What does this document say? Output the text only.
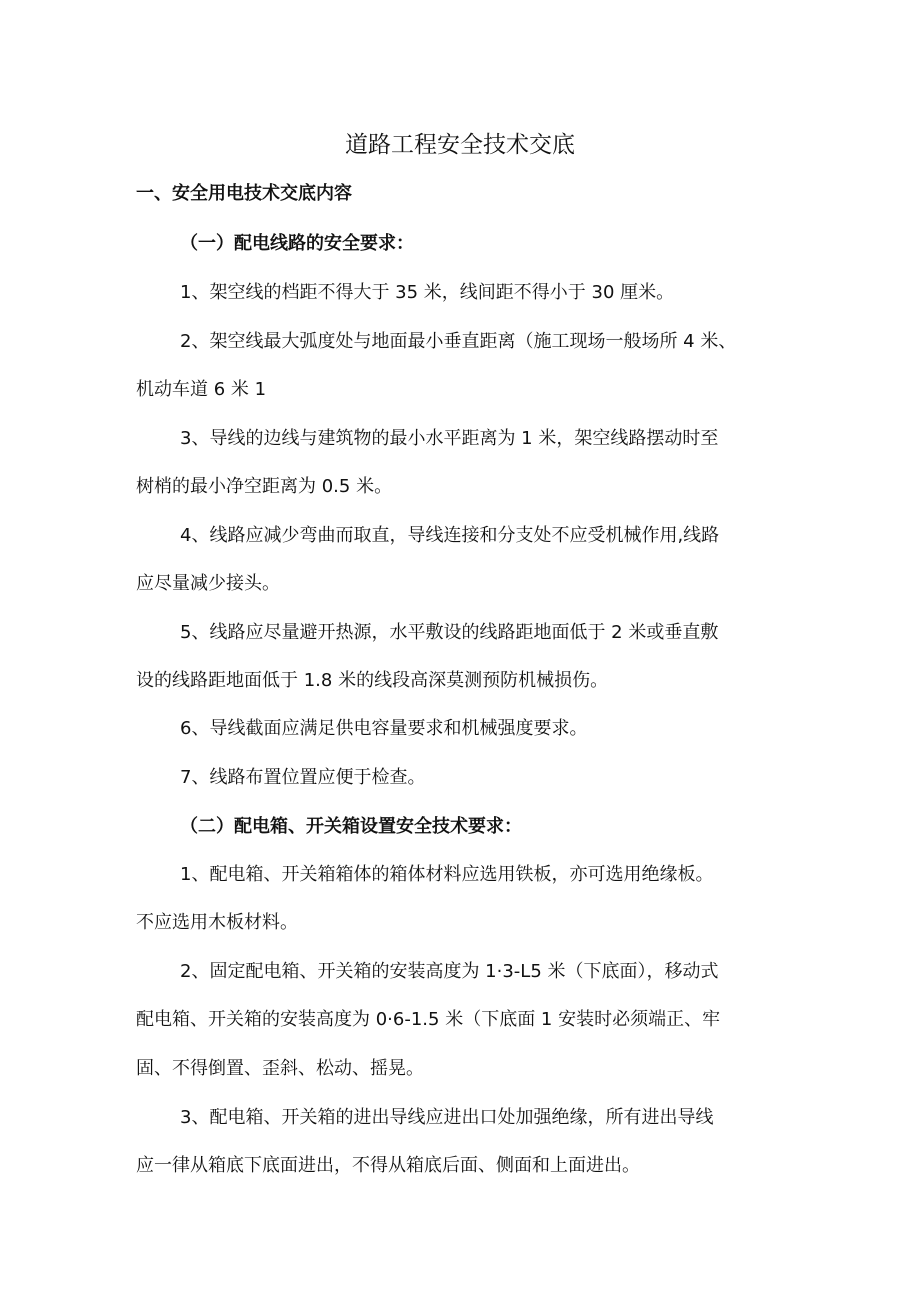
道路工程安全技术交底
一、安全用电技术交底内容
（一）配电线路的安全要求：
1、架空线的档距不得大于 35 米，线间距不得小于 30 厘米。
2、架空线最大弧度处与地面最小垂直距离（施工现场一般场所 4 米、
机动车道 6 米 1
3、导线的边线与建筑物的最小水平距离为 1 米，架空线路摆动时至
树梢的最小净空距离为 0.5 米。
4、线路应减少弯曲而取直，导线连接和分支处不应受机械作用,线路
应尽量减少接头。
5、线路应尽量避开热源，水平敷设的线路距地面低于 2 米或垂直敷
设的线路距地面低于 1.8 米的线段高深莫测预防机械损伤。
6、导线截面应满足供电容量要求和机械强度要求。
7、线路布置位置应便于检查。
（二）配电箱、开关箱设置安全技术要求：
1、配电箱、开关箱箱体的箱体材料应选用铁板，亦可选用绝缘板。
不应选用木板材料。
2、固定配电箱、开关箱的安装高度为 1·3-L5 米（下底面），移动式
配电箱、开关箱的安装高度为 0·6-1.5 米（下底面 1 安装时必须端正、牢
固、不得倒置、歪斜、松动、摇晃。
3、配电箱、开关箱的进出导线应进出口处加强绝缘，所有进出导线
应一律从箱底下底面进出，不得从箱底后面、侧面和上面进出。
